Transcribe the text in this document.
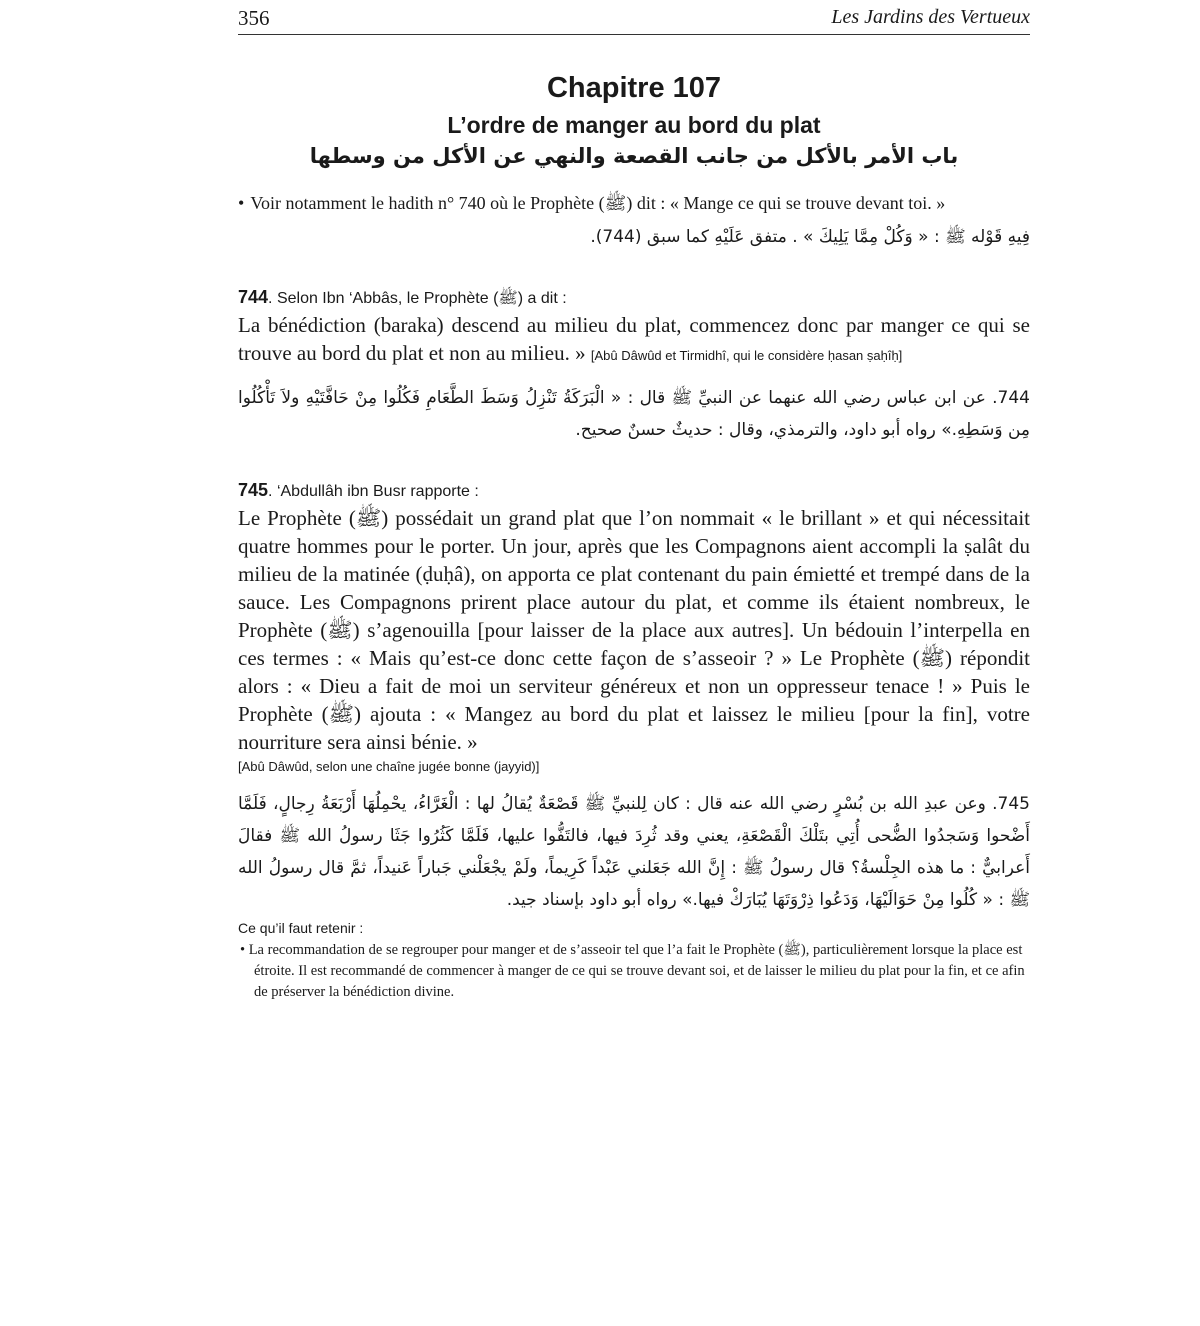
356	Les Jardins des Vertueux
Chapitre 107
L’ordre de manger au bord du plat
باب الأمر بالأكل من جانب القصعة والنهي عن الأكل من وسطها
• Voir notamment le hadith n° 740 où le Prophète (ﷺ) dit : « Mange ce qui se trouve devant toi. »
فِيهِ قَوْله ﷺ : « وَكُلْ مِمَّا يَلِيكَ » . متفق عَلَيْهِ كما سبق (744).
744. Selon Ibn ‘Abbâs, le Prophète (ﷺ) a dit :
La bénédiction (baraka) descend au milieu du plat, commencez donc par manger ce qui se trouve au bord du plat et non au milieu. » [Abû Dâwûd et Tirmidhî, qui le considère ḥasan ṣaḥîḥ]
744. عن ابن عباس رضي الله عنهما عن النبيِّ ﷺ قال : « الْبَرَكَةُ تَنْزِلُ وَسَطَ الطَّعَامِ فَكُلُوا مِنْ حَافَّتَيْهِ ولاَ تَأْكُلُوا مِن وَسَطِهِ.» رواه أبو داود، والترمذي، وقال : حديثٌ حسنٌ صحيح.
745. ‘Abdullâh ibn Busr rapporte :
Le Prophète (ﷺ) possédait un grand plat que l’on nommait « le brillant » et qui nécessitait quatre hommes pour le porter. Un jour, après que les Compagnons aient accompli la ṣalât du milieu de la matinée (ḍuḥâ), on apporta ce plat contenant du pain émietté et trempé dans de la sauce. Les Compagnons prirent place autour du plat, et comme ils étaient nombreux, le Prophète (ﷺ) s’agenouilla [pour laisser de la place aux autres]. Un bédouin l’interpella en ces termes : « Mais qu’est-ce donc cette façon de s’asseoir ? » Le Prophète (ﷺ) répondit alors : « Dieu a fait de moi un serviteur généreux et non un oppresseur tenace ! » Puis le Prophète (ﷺ) ajouta : « Mangez au bord du plat et laissez le milieu [pour la fin], votre nourriture sera ainsi bénie. »
[Abû Dâwûd, selon une chaîne jugée bonne (jayyid)]
745. وعن عبدِ الله بن بُسْرٍ رضي الله عنه قال : كان لِلنبيِّ ﷺ قَصْعَةٌ يُقالُ لها : الْغَرَّاءُ، يحْمِلُهَا أَرْبَعَةُ رِجالٍ، فَلَمَّا أَضْحوا وَسَجدُوا الضُّحى أُتِي بتَلْكَ الْقَصْعَةِ، يعني وقد ثُرِدَ فيها، فالتَفُّوا عليها، فَلَمَّا كَثُرُوا جَثَا رسولُ الله ﷺ فقالَ أَعرابيٌّ : ما هذه الجِلْسةُ؟ قال رسولُ ﷺ : إِنَّ الله جَعَلني عَبْداً كَرِيماً، ولَمْ يجْعَلْني جَباراً عَنيداً، ثمَّ قال رسولُ الله ﷺ : « كُلُوا مِنْ حَوَالَيْهَا، وَدَعُوا ذِرْوَتَهَا يُبَارَكْ فيها.» رواه أبو داود بإسناد جيد.
Ce qu’il faut retenir :
• La recommandation de se regrouper pour manger et de s’asseoir tel que l’a fait le Prophète (ﷺ), particulièrement lorsque la place est étroite. Il est recommandé de commencer à manger de ce qui se trouve devant soi, et de laisser le milieu du plat pour la fin, et ce afin de préserver la bénédiction divine.
